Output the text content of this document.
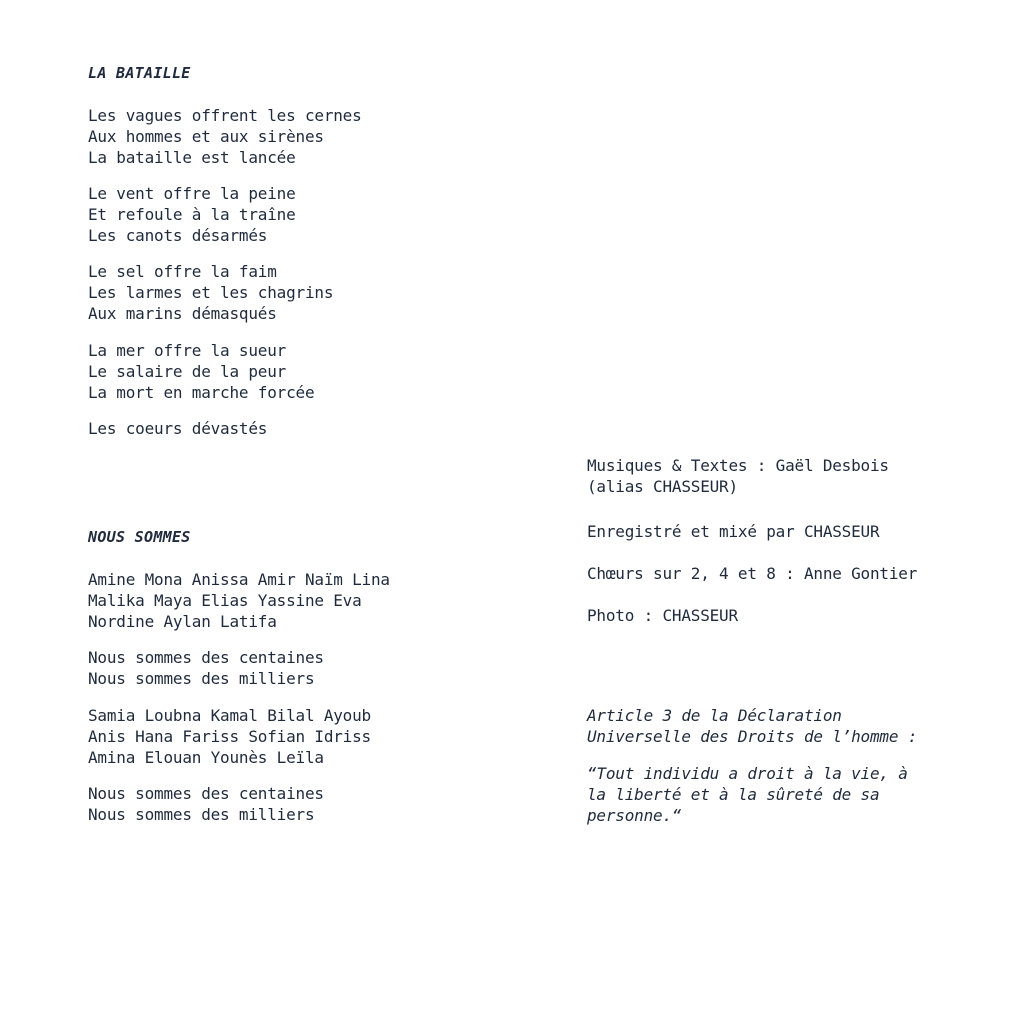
LA BATAILLE

Les vagues offrent les cernes
Aux hommes et aux sirènes
La bataille est lancée

Le vent offre la peine
Et refoule à la traîne
Les canots désarmés

Le sel offre la faim
Les larmes et les chagrins
Aux marins démasqués

La mer offre la sueur
Le salaire de la peur
La mort en marche forcée

Les coeurs dévastés

NOUS SOMMES

Amine Mona Anissa Amir Naïm Lina
Malika Maya Elias Yassine Eva
Nordine Aylan Latifa

Nous sommes des centaines
Nous sommes des milliers

Samia Loubna Kamal Bilal Ayoub
Anis Hana Fariss Sofian Idriss
Amina Elouan Younès Leïla

Nous sommes des centaines
Nous sommes des milliers

Musiques & Textes : Gaël Desbois
(alias CHASSEUR)

Enregistré et mixé par CHASSEUR

Chœurs sur 2, 4 et 8 : Anne Gontier

Photo : CHASSEUR

Article 3 de la Déclaration
Universelle des Droits de l’homme :

“Tout individu a droit à la vie, à
la liberté et à la sûreté de sa
personne.“
